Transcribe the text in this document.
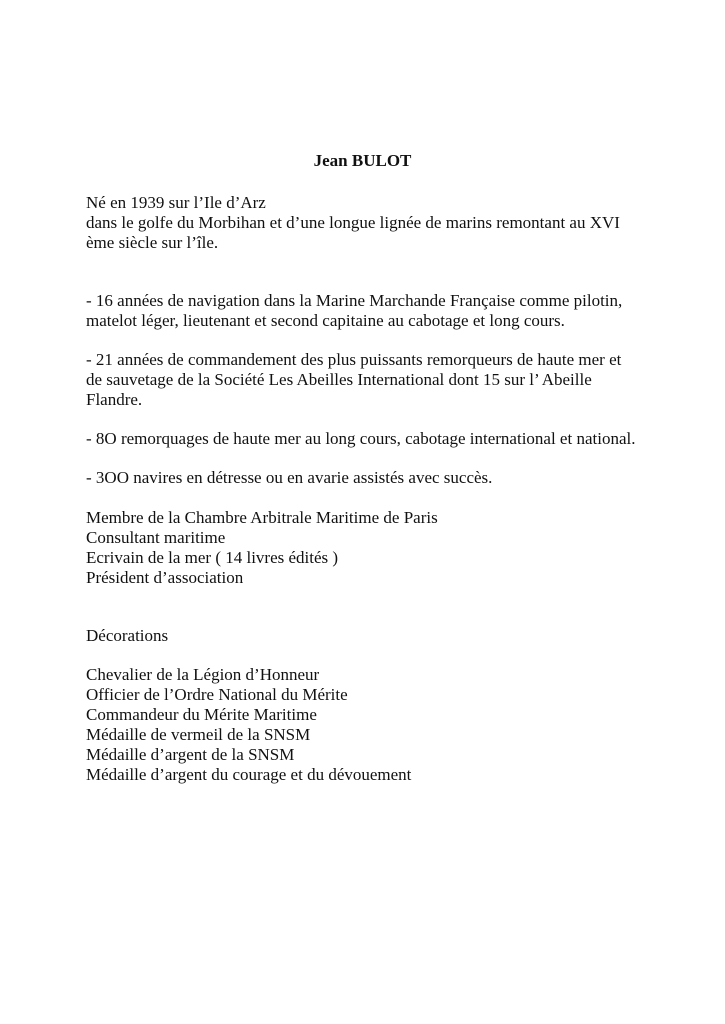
Jean BULOT
Né en 1939 sur l’Ile d’Arz
dans le golfe du Morbihan et d’une longue lignée de marins remontant au XVI
ème siècle sur l’île.
- 16 années de navigation dans la Marine Marchande Française comme pilotin,
matelot léger, lieutenant et second capitaine au cabotage et long cours.
- 21 années de commandement des plus puissants remorqueurs de haute mer et
de sauvetage de la Société Les Abeilles International dont 15 sur l’ Abeille
Flandre.
- 8O remorquages de haute mer au long cours, cabotage international et national.
- 3OO navires en détresse ou en avarie assistés avec succès.
Membre de la Chambre Arbitrale Maritime de Paris
Consultant maritime
Ecrivain de la mer ( 14 livres édités )
Président d’association
Décorations
Chevalier de la Légion d’Honneur
Officier de l’Ordre National du Mérite
Commandeur du Mérite Maritime
Médaille de vermeil de la SNSM
Médaille d’argent de la SNSM
Médaille d’argent du courage et du dévouement
